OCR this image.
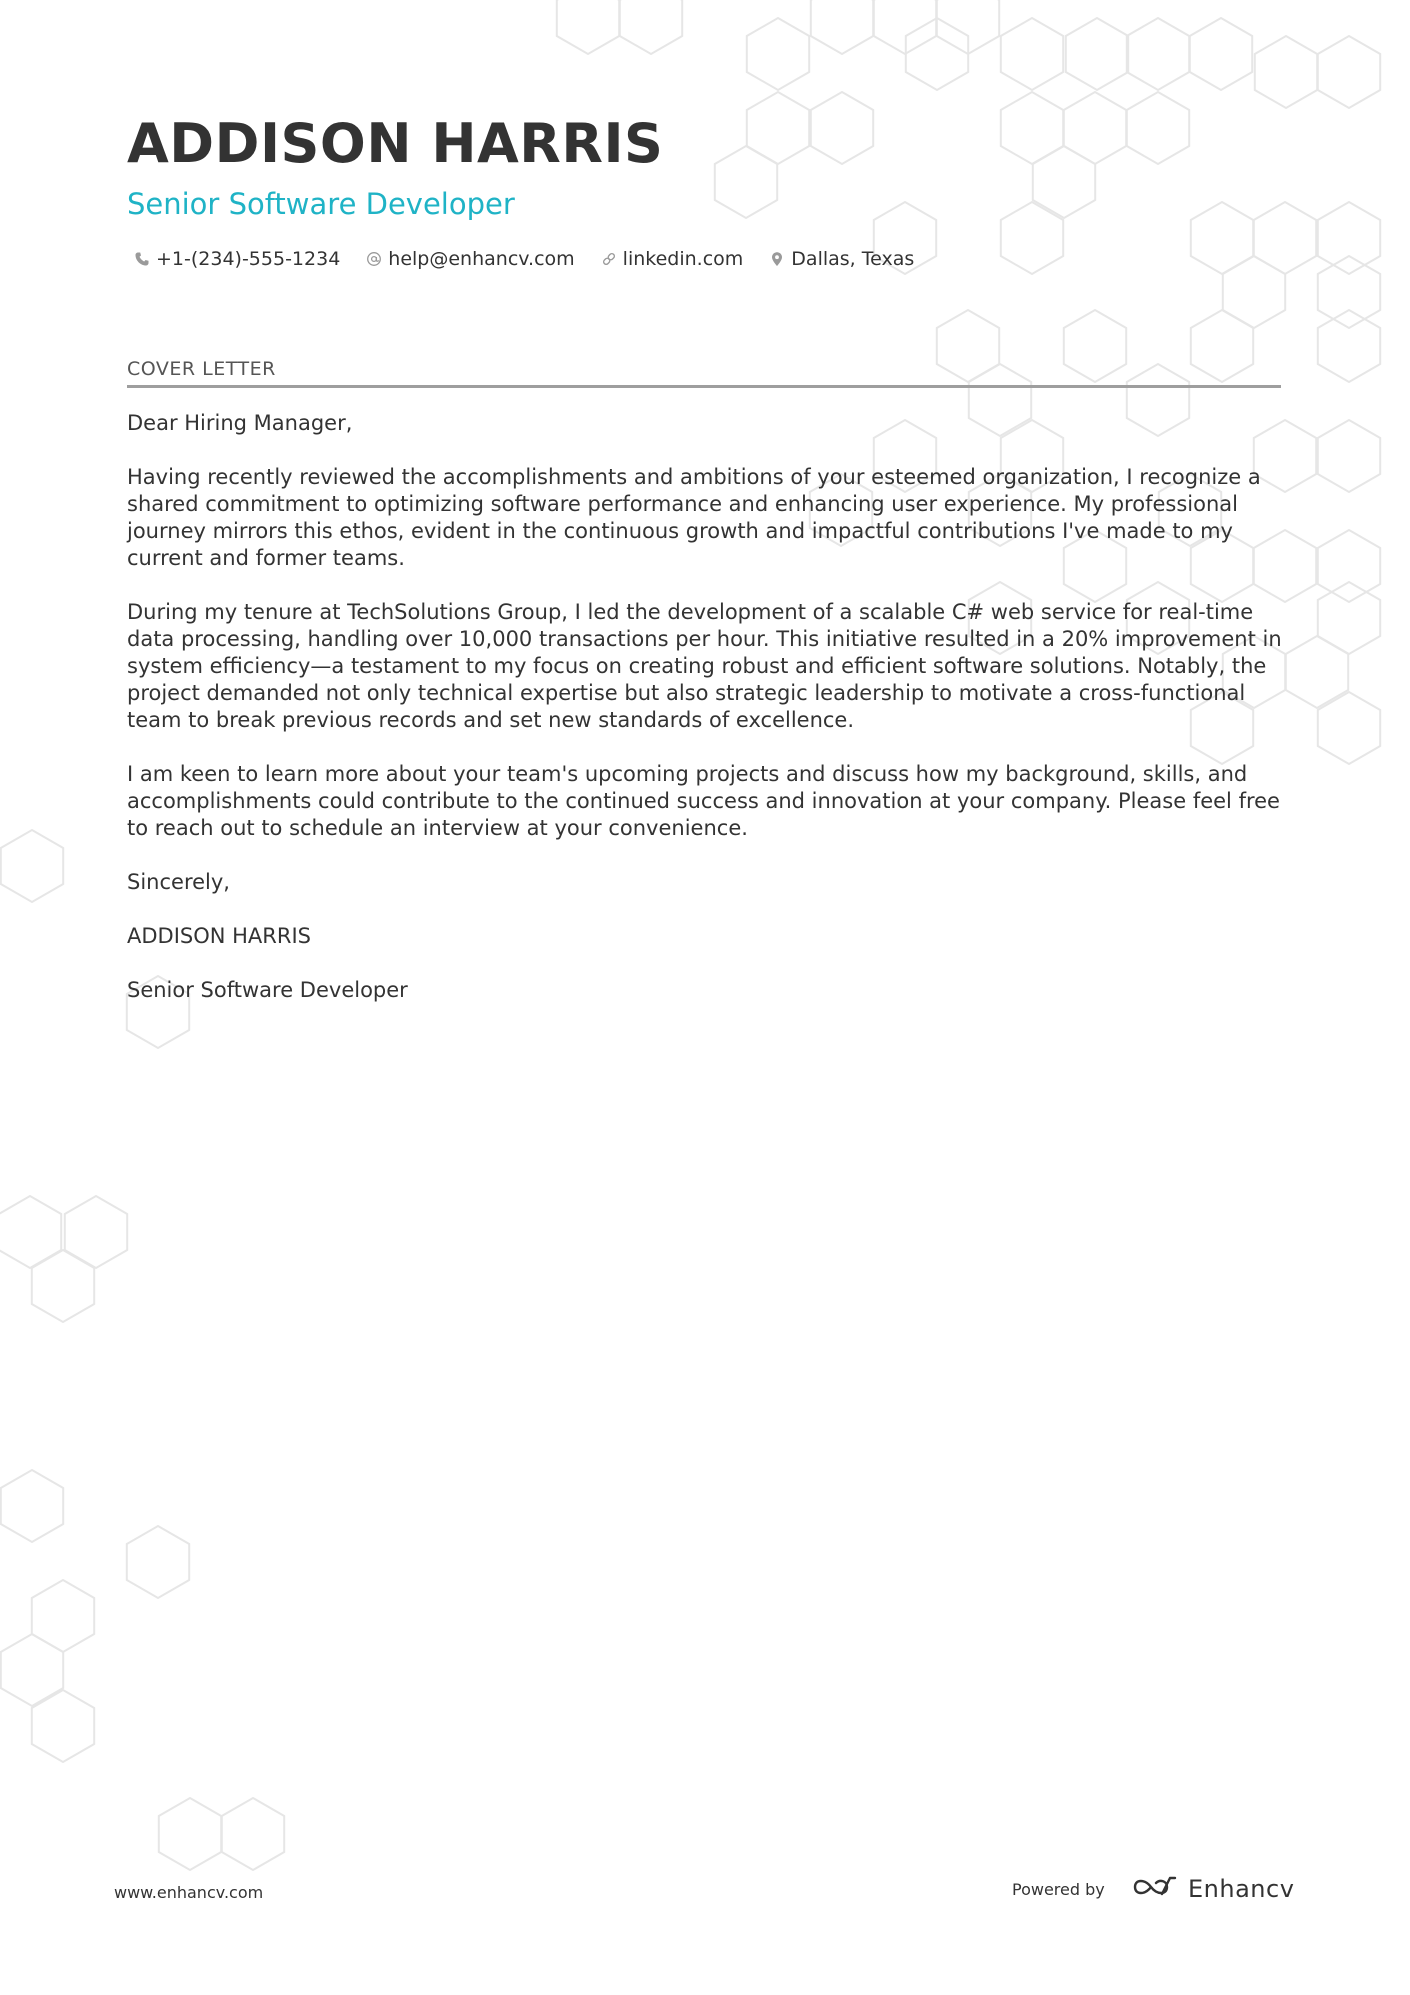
ADDISON HARRIS
Senior Software Developer
+1-(234)-555-1234	help@enhancv.com	linkedin.com	Dallas, Texas
COVER LETTER

Dear Hiring Manager,

Having recently reviewed the accomplishments and ambitions of your esteemed organization, I recognize a shared commitment to optimizing software performance and enhancing user experience. My professional journey mirrors this ethos, evident in the continuous growth and impactful contributions I've made to my current and former teams.

During my tenure at TechSolutions Group, I led the development of a scalable C# web service for real-time data processing, handling over 10,000 transactions per hour. This initiative resulted in a 20% improvement in system efficiency—a testament to my focus on creating robust and efficient software solutions. Notably, the project demanded not only technical expertise but also strategic leadership to motivate a cross-functional team to break previous records and set new standards of excellence.

I am keen to learn more about your team's upcoming projects and discuss how my background, skills, and accomplishments could contribute to the continued success and innovation at your company. Please feel free to reach out to schedule an interview at your convenience.

Sincerely,

ADDISON HARRIS

Senior Software Developer

www.enhancv.com	Powered by	Enhancv
